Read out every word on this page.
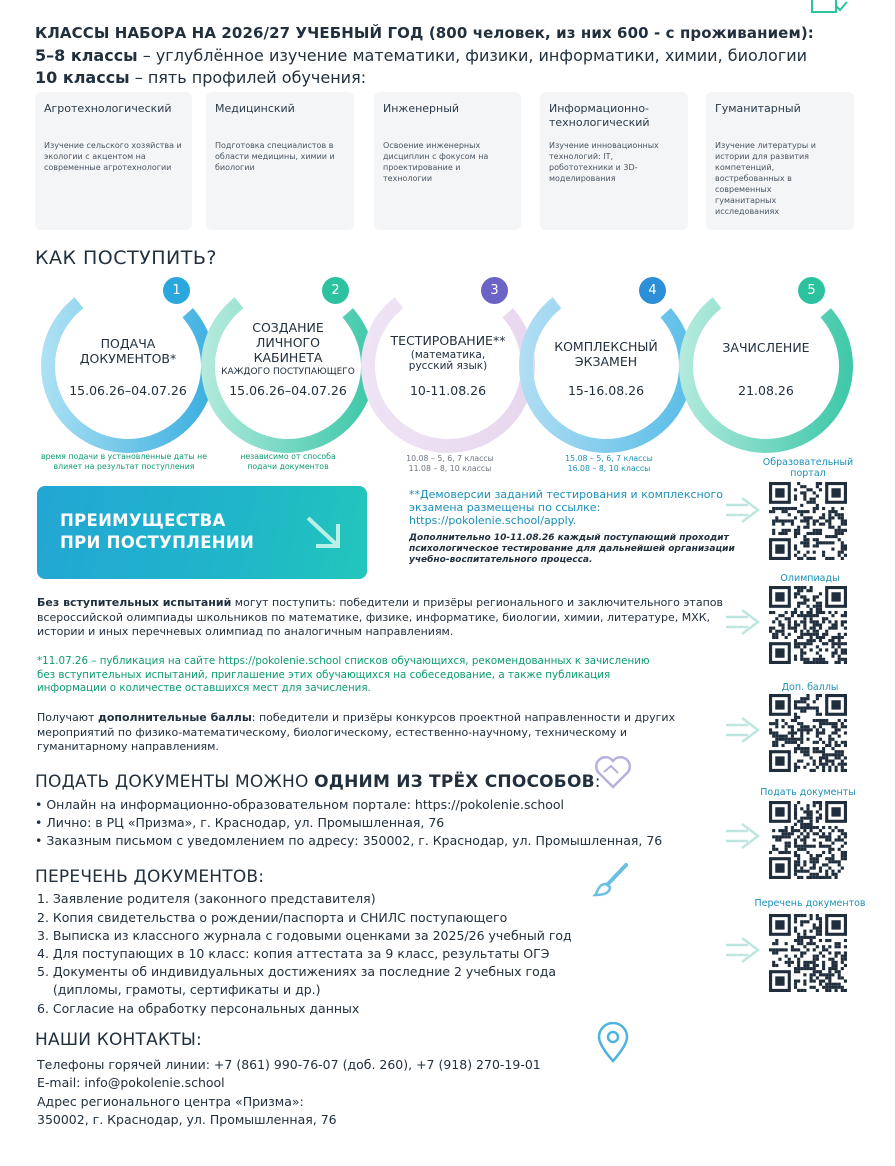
КЛАССЫ НАБОРА НА 2026/27 УЧЕБНЫЙ ГОД (800 человек, из них 600 - с проживанием):
5–8 классы – углублённое изучение математики, физики, информатики, химии, биологии
10 классы – пять профилей обучения:
Агротехнологический
Изучение сельского хозяйства и экологии с акцентом на современные агротехнологии
Медицинский
Подготовка специалистов в области медицины, химии и биологии
Инженерный
Освоение инженерных дисциплин с фокусом на проектирование и технологии
Информационно-технологический
Изучение инновационных технологий: IT, робототехники и 3D-моделирования
Гуманитарный
Изучение литературы и истории для развития компетенций, востребованных в современных гуманитарных исследованиях
КАК ПОСТУПИТЬ?
1	2	3	4	5
ПОДАЧА ДОКУМЕНТОВ*
15.06.26–04.07.26
СОЗДАНИЕ ЛИЧНОГО КАБИНЕТА
КАЖДОГО ПОСТУПАЮЩЕГО
15.06.26–04.07.26
ТЕСТИРОВАНИЕ**
(математика, русский язык)
10-11.08.26
КОМПЛЕКСНЫЙ ЭКЗАМЕН
15-16.08.26
ЗАЧИСЛЕНИЕ
21.08.26
время подачи в установленные даты не влияет на результат поступления
независимо от способа подачи документов
10.08 – 5, 6, 7 классы 11.08 – 8, 10 классы
15.08 – 5, 6, 7 классы 16.08 – 8, 10 классы
ПРЕИМУЩЕСТВА
ПРИ ПОСТУПЛЕНИИ
**Демоверсии заданий тестирования и комплексного экзамена размещены по ссылке: https://pokolenie.school/apply.
Дополнительно 10-11.08.26 каждый поступающий проходит психологическое тестирование для дальнейшей организации учебно-воспитательного процесса.
Образовательный портал
Олимпиады
Доп. баллы
Подать документы
Перечень документов
Без вступительных испытаний могут поступить: победители и призёры регионального и заключительного этапов всероссийской олимпиады школьников по математике, физике, информатике, биологии, химии, литературе, МХК, истории и иных перечневых олимпиад по аналогичным направлениям.
*11.07.26 – публикация на сайте https://pokolenie.school списков обучающихся, рекомендованных к зачислению без вступительных испытаний, приглашение этих обучающихся на собеседование, а также публикация информации о количестве оставшихся мест для зачисления.
Получают дополнительные баллы: победители и призёры конкурсов проектной направленности и других мероприятий по физико-математическому, биологическому, естественно-научному, техническому и гуманитарному направлениям.
ПОДАТЬ ДОКУМЕНТЫ МОЖНО ОДНИМ ИЗ ТРЁХ СПОСОБОВ:
• Онлайн на информационно-образовательном портале: https://pokolenie.school
• Лично: в РЦ «Призма», г. Краснодар, ул. Промышленная, 76
• Заказным письмом с уведомлением по адресу: 350002, г. Краснодар, ул. Промышленная, 76
ПЕРЕЧЕНЬ ДОКУМЕНТОВ:
1. Заявление родителя (законного представителя)
2. Копия свидетельства о рождении/паспорта и СНИЛС поступающего
3. Выписка из классного журнала с годовыми оценками за 2025/26 учебный год
4. Для поступающих в 10 класс: копия аттестата за 9 класс, результаты ОГЭ
5. Документы об индивидуальных достижениях за последние 2 учебных года
(дипломы, грамоты, сертификаты и др.)
6. Согласие на обработку персональных данных
НАШИ КОНТАКТЫ:
Телефоны горячей линии: +7 (861) 990-76-07 (доб. 260), +7 (918) 270-19-01
E-mail: info@pokolenie.school
Адрес регионального центра «Призма»:
350002, г. Краснодар, ул. Промышленная, 76
